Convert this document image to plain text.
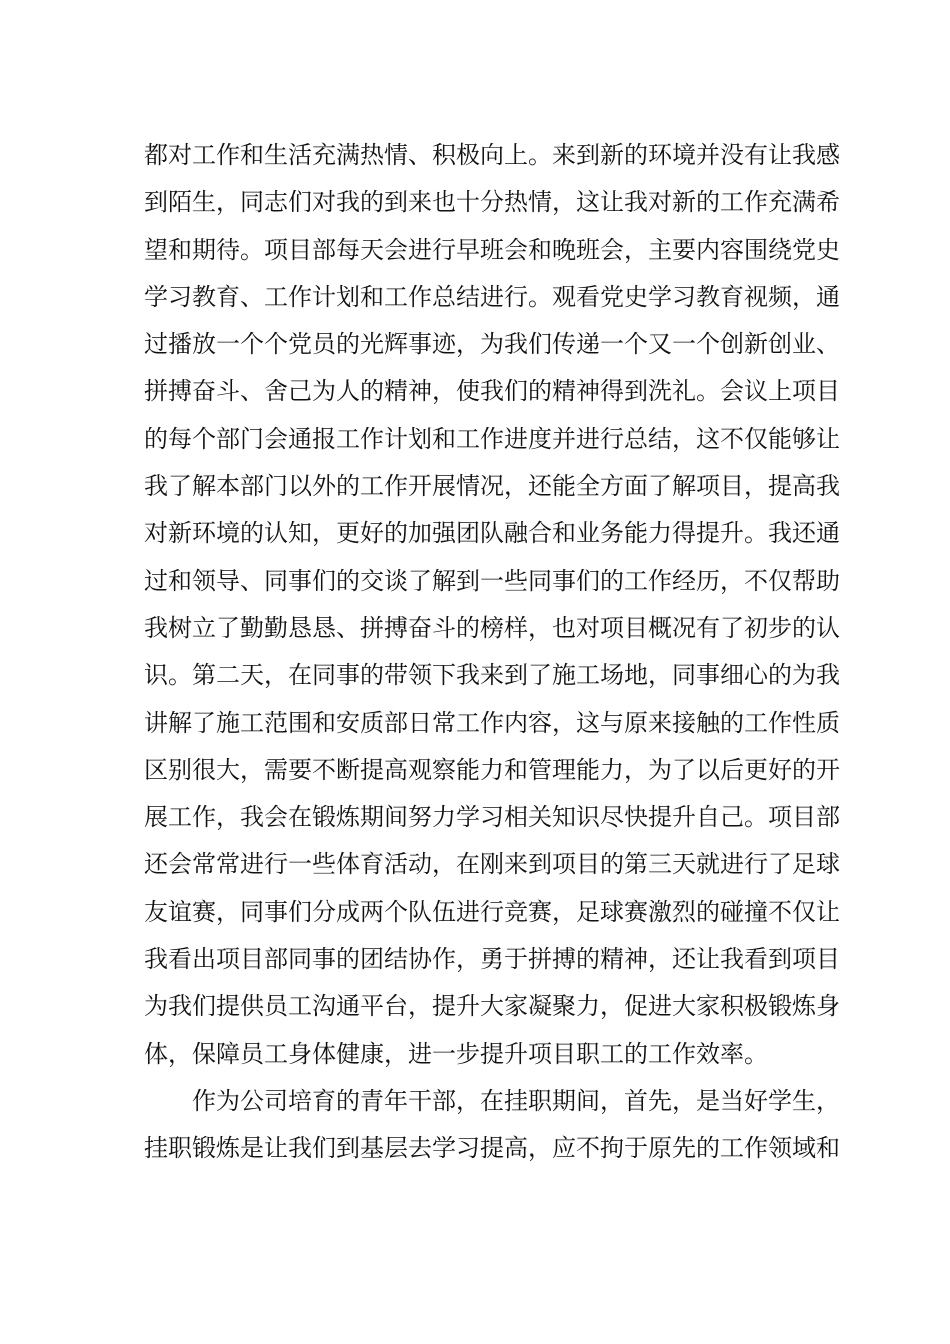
都对工作和生活充满热情、积极向上。来到新的环境并没有让我感
到陌生，同志们对我的到来也十分热情，这让我对新的工作充满希
望和期待。项目部每天会进行早班会和晚班会，主要内容围绕党史
学习教育、工作计划和工作总结进行。观看党史学习教育视频，通
过播放一个个党员的光辉事迹，为我们传递一个又一个创新创业、
拼搏奋斗、舍己为人的精神，使我们的精神得到洗礼。会议上项目
的每个部门会通报工作计划和工作进度并进行总结，这不仅能够让
我了解本部门以外的工作开展情况，还能全方面了解项目，提高我
对新环境的认知，更好的加强团队融合和业务能力得提升。我还通
过和领导、同事们的交谈了解到一些同事们的工作经历，不仅帮助
我树立了勤勤恳恳、拼搏奋斗的榜样，也对项目概况有了初步的认
识。第二天，在同事的带领下我来到了施工场地，同事细心的为我
讲解了施工范围和安质部日常工作内容，这与原来接触的工作性质
区别很大，需要不断提高观察能力和管理能力，为了以后更好的开
展工作，我会在锻炼期间努力学习相关知识尽快提升自己。项目部
还会常常进行一些体育活动，在刚来到项目的第三天就进行了足球
友谊赛，同事们分成两个队伍进行竞赛，足球赛激烈的碰撞不仅让
我看出项目部同事的团结协作，勇于拼搏的精神，还让我看到项目
为我们提供员工沟通平台，提升大家凝聚力，促进大家积极锻炼身
体，保障员工身体健康，进一步提升项目职工的工作效率。
作为公司培育的青年干部，在挂职期间，首先，是当好学生，
挂职锻炼是让我们到基层去学习提高，应不拘于原先的工作领域和
